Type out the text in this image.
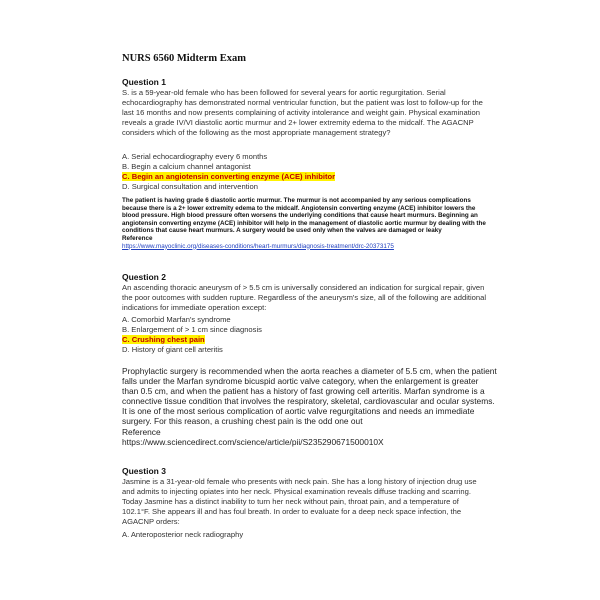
NURS 6560 Midterm Exam
Question 1
S. is a 59-year-old female who has been followed for several years for aortic regurgitation. Serial echocardiography has demonstrated normal ventricular function, but the patient was lost to follow-up for the last 16 months and now presents complaining of activity intolerance and weight gain. Physical examination reveals a grade IV/VI diastolic aortic murmur and 2+ lower extremity edema to the midcalf. The AGACNP considers which of the following as the most appropriate management strategy?
A. Serial echocardiography every 6 months
B. Begin a calcium channel antagonist
C. Begin an angiotensin converting enzyme (ACE) inhibitor
D. Surgical consultation and intervention
The patient is having grade 6 diastolic aortic murmur. The murmur is not accompanied by any serious complications because there is a 2+ lower extremity edema to the midcalf. Angiotensin converting enzyme (ACE) inhibitor lowers the blood pressure. High blood pressure often worsens the underlying conditions that cause heart murmurs. Beginning an angiotensin converting enzyme (ACE) inhibitor will help in the management of diastolic aortic murmur by dealing with the conditions that cause heart murmurs. A surgery would be used only when the valves are damaged or leaky
Reference
https://www.mayoclinic.org/diseases-conditions/heart-murmurs/diagnosis-treatment/drc-20373175
Question 2
An ascending thoracic aneurysm of > 5.5 cm is universally considered an indication for surgical repair, given the poor outcomes with sudden rupture. Regardless of the aneurysm's size, all of the following are additional indications for immediate operation except:
A. Comorbid Marfan's syndrome
B. Enlargement of > 1 cm since diagnosis
C. Crushing chest pain
D. History of giant cell arteritis
Prophylactic surgery is recommended when the aorta reaches a diameter of 5.5 cm, when the patient falls under the Marfan syndrome bicuspid aortic valve category, when the enlargement is greater than 0.5 cm, and when the patient has a history of fast growing cell arteritis. Marfan syndrome is a connective tissue condition that involves the respiratory, skeletal, cardiovascular and ocular systems. It is one of the most serious complication of aortic valve regurgitations and needs an immediate surgery. For this reason, a crushing chest pain is the odd one out
Reference
https://www.sciencedirect.com/science/article/pii/S235290671500010X
Question 3
Jasmine is a 31-year-old female who presents with neck pain. She has a long history of injection drug use and admits to injecting opiates into her neck. Physical examination reveals diffuse tracking and scarring. Today Jasmine has a distinct inability to turn her neck without pain, throat pain, and a temperature of 102.1°F. She appears ill and has foul breath. In order to evaluate for a deep neck space infection, the AGACNP orders:
A. Anteroposterior neck radiography
